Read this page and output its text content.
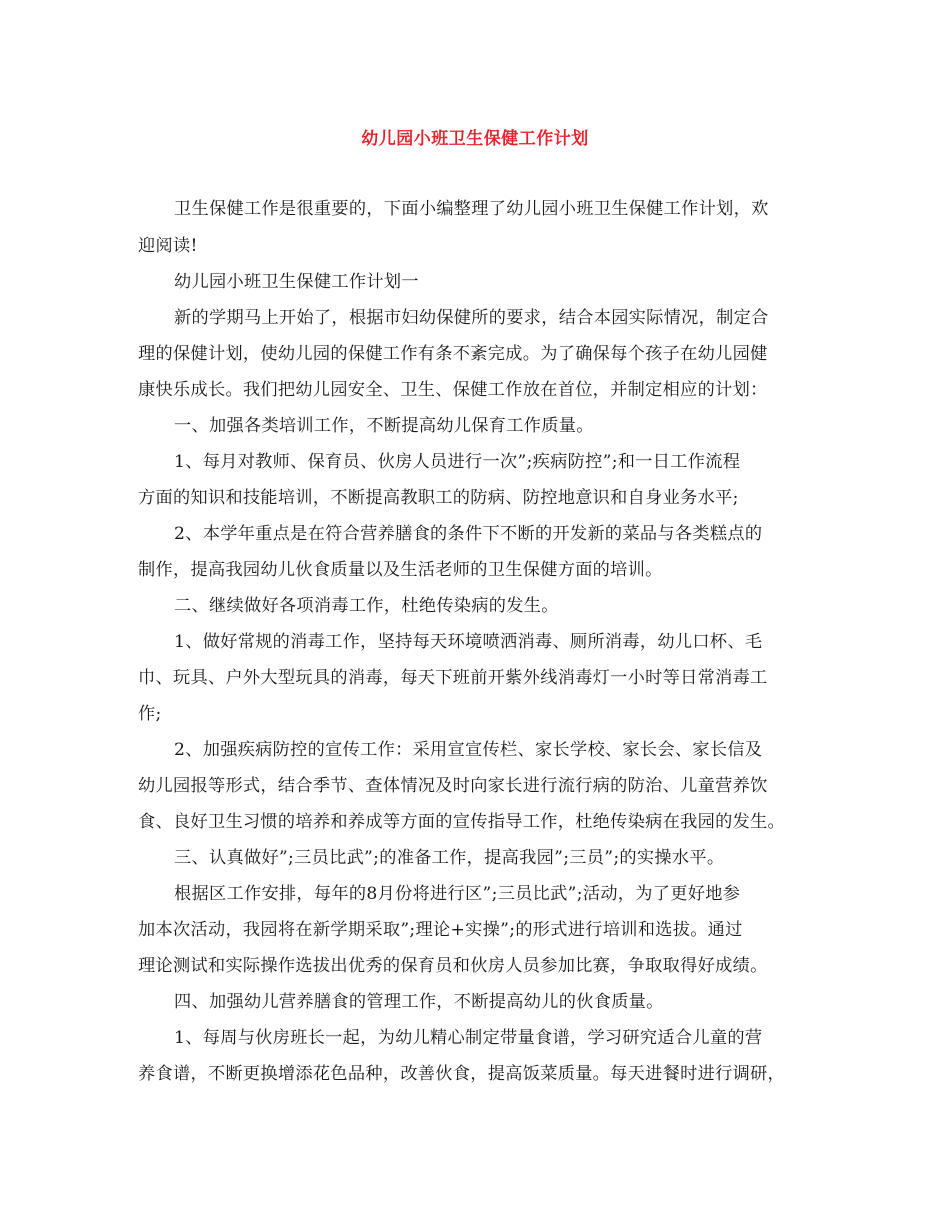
幼儿园小班卫生保健工作计划
卫生保健工作是很重要的，下面小编整理了幼儿园小班卫生保健工作计划，欢
迎阅读!
幼儿园小班卫生保健工作计划一
新的学期马上开始了，根据市妇幼保健所的要求，结合本园实际情况，制定合
理的保健计划，使幼儿园的保健工作有条不紊完成。为了确保每个孩子在幼儿园健
康快乐成长。我们把幼儿园安全、卫生、保健工作放在首位，并制定相应的计划：
一、加强各类培训工作，不断提高幼儿保育工作质量。
1、每月对教师、保育员、伙房人员进行一次”;疾病防控”;和一日工作流程
方面的知识和技能培训，不断提高教职工的防病、防控地意识和自身业务水平;
2、本学年重点是在符合营养膳食的条件下不断的开发新的菜品与各类糕点的
制作，提高我园幼儿伙食质量以及生活老师的卫生保健方面的培训。
二、继续做好各项消毒工作，杜绝传染病的发生。
1、做好常规的消毒工作，坚持每天环境喷洒消毒、厕所消毒，幼儿口杯、毛
巾、玩具、户外大型玩具的消毒，每天下班前开紫外线消毒灯一小时等日常消毒工
作;
2、加强疾病防控的宣传工作：采用宣宣传栏、家长学校、家长会、家长信及
幼儿园报等形式，结合季节、查体情况及时向家长进行流行病的防治、儿童营养饮
食、良好卫生习惯的培养和养成等方面的宣传指导工作，杜绝传染病在我园的发生。
三、认真做好”;三员比武”;的准备工作，提高我园”;三员”;的实操水平。
根据区工作安排，每年的8月份将进行区”;三员比武”;活动，为了更好地参
加本次活动，我园将在新学期采取”;理论+实操”;的形式进行培训和选拔。通过
理论测试和实际操作选拔出优秀的保育员和伙房人员参加比赛，争取取得好成绩。
四、加强幼儿营养膳食的管理工作，不断提高幼儿的伙食质量。
1、每周与伙房班长一起，为幼儿精心制定带量食谱，学习研究适合儿童的营
养食谱，不断更换增添花色品种，改善伙食，提高饭菜质量。每天进餐时进行调研，
